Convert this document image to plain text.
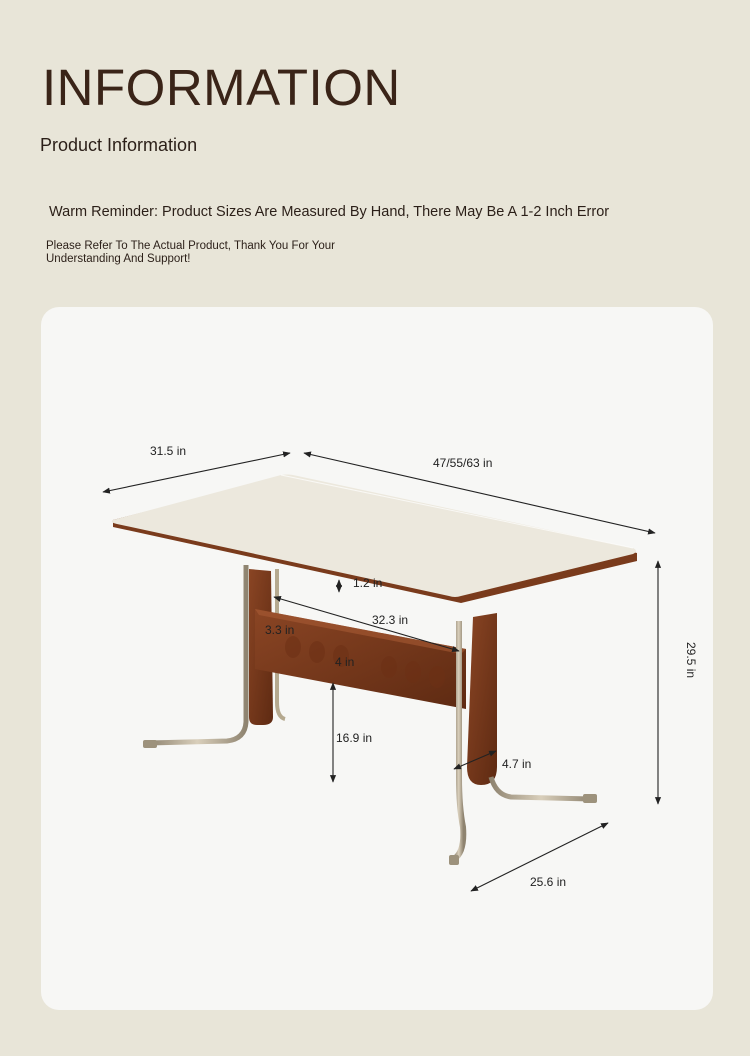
INFORMATION
Product Information

Warm Reminder: Product Sizes Are Measured By Hand, There May Be A 1-2 Inch Error

Please Refer To The Actual Product, Thank You For Your Understanding And Support!

31.5 in
47/55/63 in
1.2 in
32.3 in
3.3 in
4 in
16.9 in
4.7 in
25.6 in
29.5 in
